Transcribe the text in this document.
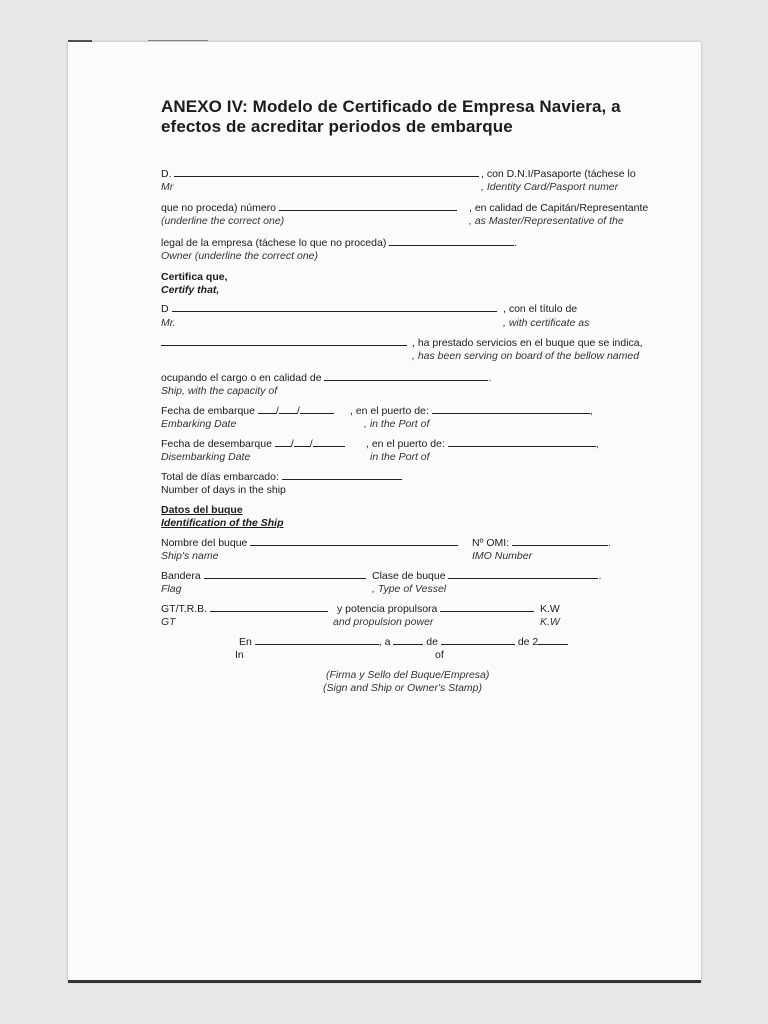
ANEXO IV: Modelo de Certificado de Empresa Naviera, a
efectos de acreditar periodos de embarque
D.	, con D.N.I/Pasaporte (táchese lo
Mr	, Identity Card/Pasport numer
que no proceda) número	, en calidad de Capitán/Representante
(underline the correct one)	, as Master/Representative of the
legal de la empresa (táchese lo que no proceda)	.
Owner (underline the correct one)
Certifica que,
Certify that,
D	, con el título de
Mr.	, with certificate as
, ha prestado servicios en el buque que se indica,
, has been serving on board of the bellow named
ocupando el cargo o en calidad de	.
Ship, with the capacity of
Fecha de embarque / /	, en el puerto de:	,
Embarking Date	, in the Port of
Fecha de desembarque / /	, en el puerto de:	,
Disembarking Date	in the Port of
Total de días embarcado:
Number of days in the ship
Datos del buque
Identification of the Ship
Nombre del buque	Nº OMI:	.
Ship's name	IMO Number
Bandera	Clase de buque	.
Flag	, Type of Vessel
GT/T.R.B.	y potencia propulsora	K.W
GT	and propulsion power	K.W
En	, a	de	de 2
In	of
(Firma y Sello del Buque/Empresa)
(Sign and Ship or Owner's Stamp)
